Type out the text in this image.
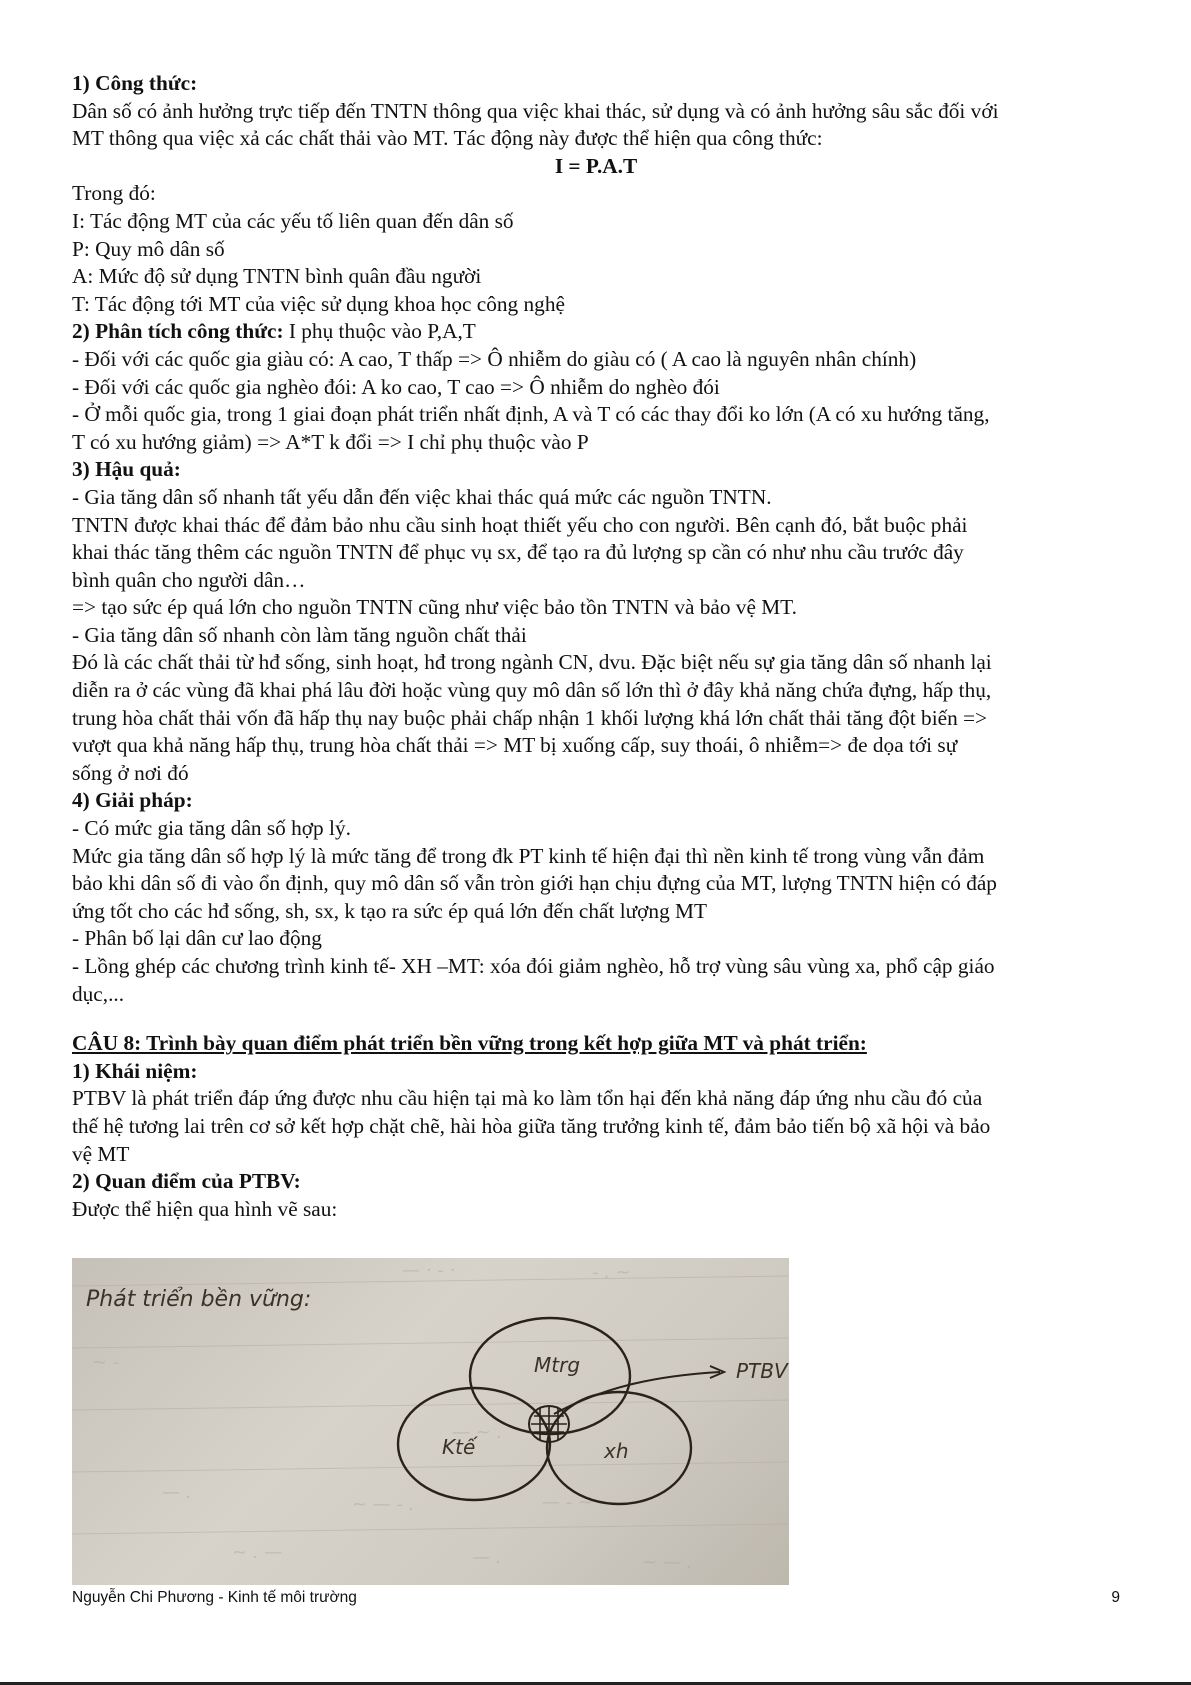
1) Công thức:
Dân số có ảnh hưởng trực tiếp đến TNTN thông qua việc khai thác, sử dụng và có ảnh hưởng sâu sắc đối với
MT thông qua việc xả các chất thải vào MT. Tác động này được thể hiện qua công thức:
I = P.A.T
Trong đó:
I: Tác động MT của các yếu tố liên quan đến dân số
P: Quy mô dân số
A: Mức độ sử dụng TNTN bình quân đầu người
T: Tác động tới MT của việc sử dụng khoa học công nghệ
2) Phân tích công thức: I phụ thuộc vào P,A,T
- Đối với các quốc gia giàu có: A cao, T thấp => Ô nhiễm do giàu có ( A cao là nguyên nhân chính)
- Đối với các quốc gia nghèo đói: A ko cao, T cao => Ô nhiễm do nghèo đói
- Ở mỗi quốc gia, trong 1 giai đoạn phát triển nhất định, A và T có các thay đổi ko lớn (A có xu hướng tăng,
T có xu hướng giảm) => A*T k đổi => I chỉ phụ thuộc vào P
3) Hậu quả:
- Gia tăng dân số nhanh tất yếu dẫn đến việc khai thác quá mức các nguồn TNTN.
TNTN được khai thác để đảm bảo nhu cầu sinh hoạt thiết yếu cho con người. Bên cạnh đó, bắt buộc phải
khai thác tăng thêm các nguồn TNTN để phục vụ sx, để tạo ra đủ lượng sp cần có như nhu cầu trước đây
bình quân cho người dân…
=> tạo sức ép quá lớn cho nguồn TNTN cũng như việc bảo tồn TNTN và bảo vệ MT.
- Gia tăng dân số nhanh còn làm tăng nguồn chất thải
Đó là các chất thải từ hđ sống, sinh hoạt, hđ trong ngành CN, dvu. Đặc biệt nếu sự gia tăng dân số nhanh lại
diễn ra ở các vùng đã khai phá lâu đời hoặc vùng quy mô dân số lớn thì ở đây khả năng chứa đựng, hấp thụ,
trung hòa chất thải vốn đã hấp thụ nay buộc phải chấp nhận 1 khối lượng khá lớn chất thải tăng đột biến =>
vượt qua khả năng hấp thụ, trung hòa chất thải => MT bị xuống cấp, suy thoái, ô nhiễm=> đe dọa tới sự
sống ở nơi đó
4) Giải pháp:
- Có mức gia tăng dân số hợp lý.
Mức gia tăng dân số hợp lý là mức tăng để trong đk PT kinh tế hiện đại thì nền kinh tế trong vùng vẫn đảm
bảo khi dân số đi vào ổn định, quy mô dân số vẫn tròn giới hạn chịu đựng của MT, lượng TNTN hiện có đáp
ứng tốt cho các hđ sống, sh, sx, k tạo ra sức ép quá lớn đến chất lượng MT
- Phân bố lại dân cư lao động
- Lồng ghép các chương trình kinh tế- XH –MT: xóa đói giảm nghèo, hỗ trợ vùng sâu vùng xa, phổ cập giáo
dục,...
CÂU 8: Trình bày quan điểm phát triển bền vững trong kết hợp giữa MT và phát triển:
1) Khái niệm:
PTBV là phát triển đáp ứng được nhu cầu hiện tại mà ko làm tổn hại đến khả năng đáp ứng nhu cầu đó của
thế hệ tương lai trên cơ sở kết hợp chặt chẽ, hài hòa giữa tăng trưởng kinh tế, đảm bảo tiến bộ xã hội và bảo
vệ MT
2) Quan điểm của PTBV:
Được thể hiện qua hình vẽ sau:
— · - ·	- . ~
~ -
— ~ .
— .
~ — - .	— - ~
~ . —	— .	~ — .
Phát triển bền vững:
Mtrg
Ktế	xh
PTBV
Nguyễn Chi Phương - Kinh tế môi trường	9
